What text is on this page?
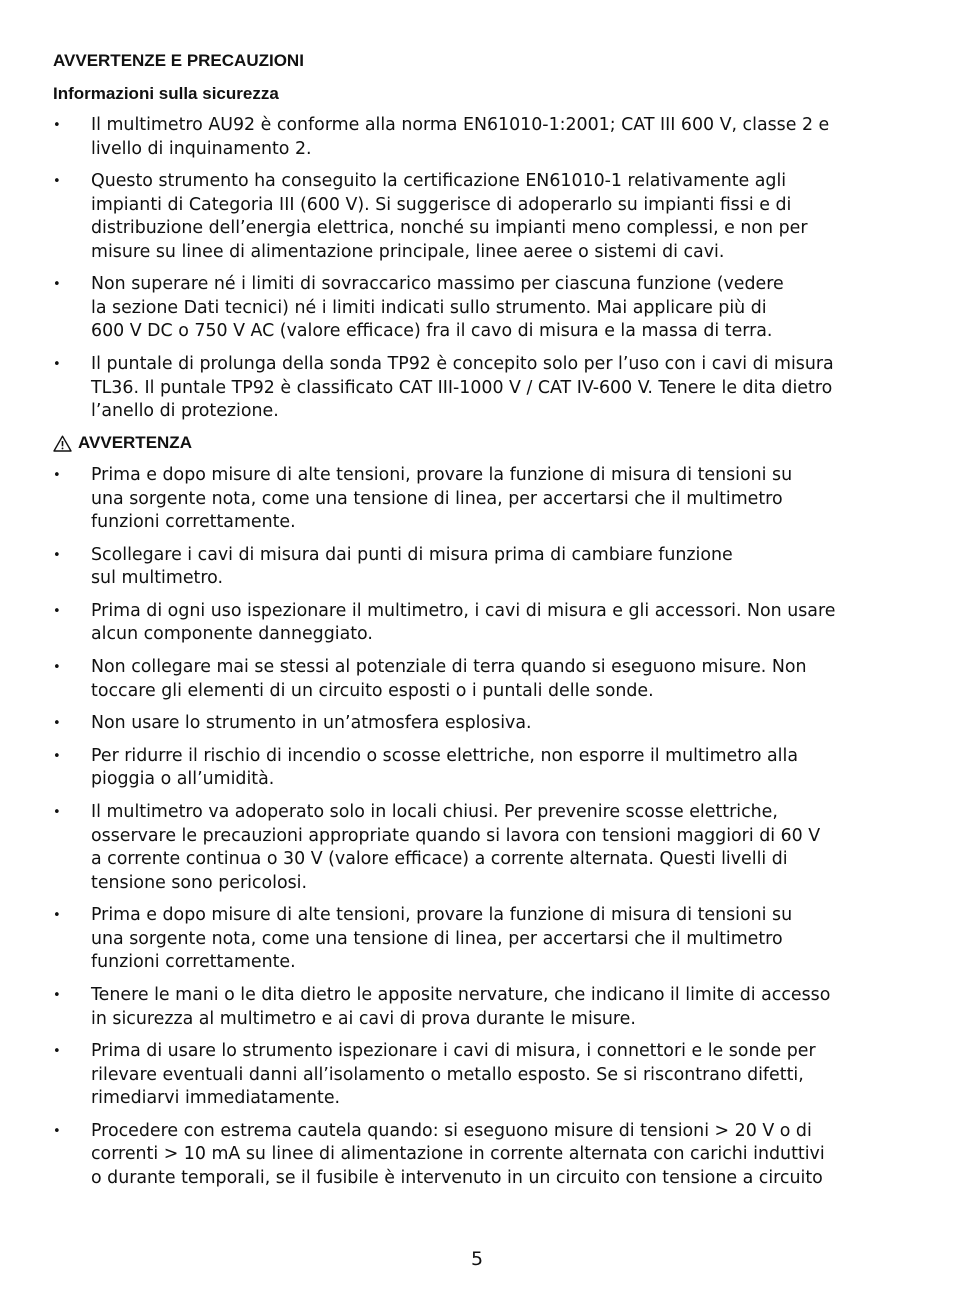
AVVERTENZE E PRECAUZIONI
Informazioni sulla sicurezza
•	Il multimetro AU92 è conforme alla norma EN61010-1:2001; CAT III 600 V, classe 2 e
livello di inquinamento 2.
•	Questo strumento ha conseguito la certificazione EN61010-1 relativamente agli
impianti di Categoria III (600 V). Si suggerisce di adoperarlo su impianti fissi e di
distribuzione dell’energia elettrica, nonché su impianti meno complessi, e non per
misure su linee di alimentazione principale, linee aeree o sistemi di cavi.
•	Non superare né i limiti di sovraccarico massimo per ciascuna funzione (vedere
la sezione Dati tecnici) né i limiti indicati sullo strumento. Mai applicare più di
600 V DC o 750 V AC (valore efficace) fra il cavo di misura e la massa di terra.
•	Il puntale di prolunga della sonda TP92 è concepito solo per l’uso con i cavi di misura
TL36. Il puntale TP92 è classificato CAT III-1000 V / CAT IV-600 V. Tenere le dita dietro
l’anello di protezione.
AVVERTENZA
•	Prima e dopo misure di alte tensioni, provare la funzione di misura di tensioni su
una sorgente nota, come una tensione di linea, per accertarsi che il multimetro
funzioni correttamente.
•	Scollegare i cavi di misura dai punti di misura prima di cambiare funzione
sul multimetro.
•	Prima di ogni uso ispezionare il multimetro, i cavi di misura e gli accessori. Non usare
alcun componente danneggiato.
•	Non collegare mai se stessi al potenziale di terra quando si eseguono misure. Non
toccare gli elementi di un circuito esposti o i puntali delle sonde.
•	Non usare lo strumento in un’atmosfera esplosiva.
•	Per ridurre il rischio di incendio o scosse elettriche, non esporre il multimetro alla
pioggia o all’umidità.
•	Il multimetro va adoperato solo in locali chiusi. Per prevenire scosse elettriche,
osservare le precauzioni appropriate quando si lavora con tensioni maggiori di 60 V
a corrente continua o 30 V (valore efficace) a corrente alternata. Questi livelli di
tensione sono pericolosi.
•	Prima e dopo misure di alte tensioni, provare la funzione di misura di tensioni su
una sorgente nota, come una tensione di linea, per accertarsi che il multimetro
funzioni correttamente.
•	Tenere le mani o le dita dietro le apposite nervature, che indicano il limite di accesso
in sicurezza al multimetro e ai cavi di prova durante le misure.
•	Prima di usare lo strumento ispezionare i cavi di misura, i connettori e le sonde per
rilevare eventuali danni all’isolamento o metallo esposto. Se si riscontrano difetti,
rimediarvi immediatamente.
•	Procedere con estrema cautela quando: si eseguono misure di tensioni > 20 V o di
correnti > 10 mA su linee di alimentazione in corrente alternata con carichi induttivi
o durante temporali, se il fusibile è intervenuto in un circuito con tensione a circuito
5
